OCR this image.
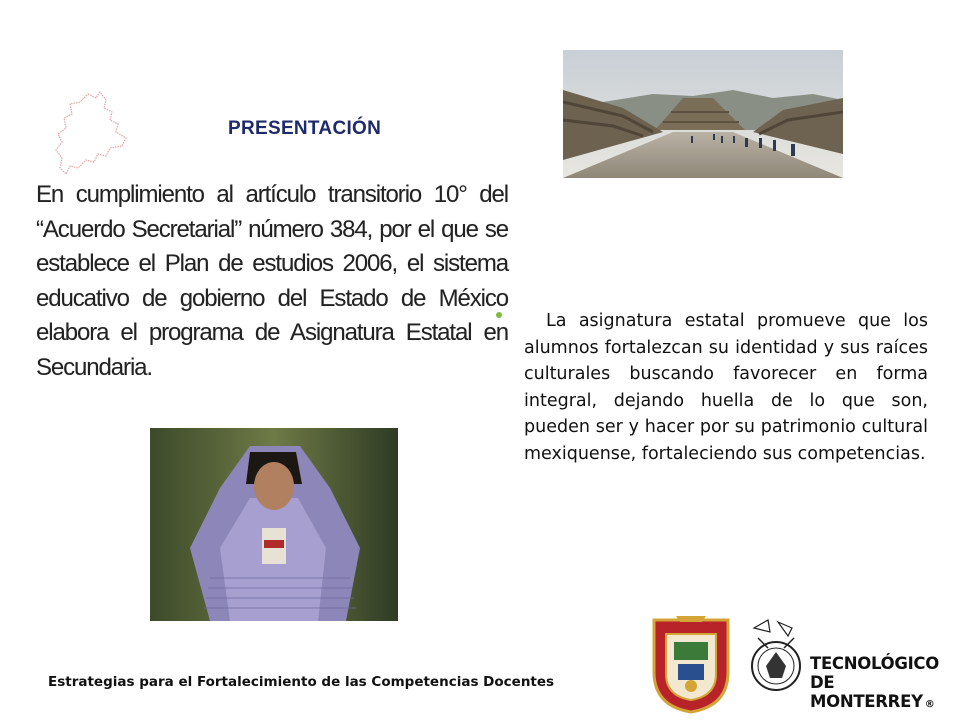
PRESENTACIÓN
En cumplimiento al artículo transitorio 10° del “Acuerdo Secretarial” número 384, por el que se establece el Plan de estudios 2006, el sistema educativo de gobierno del Estado de México elabora el programa de Asignatura Estatal en Secundaria.
La asignatura estatal promueve que los alumnos fortalezcan su identidad y sus raíces culturales buscando favorecer en forma integral, dejando huella de lo que son, pueden ser y hacer por su patrimonio cultural mexiquense, fortaleciendo sus competencias.
Estrategias para el Fortalecimiento de las Competencias Docentes
TECNOLÓGICO
DE MONTERREY ®
